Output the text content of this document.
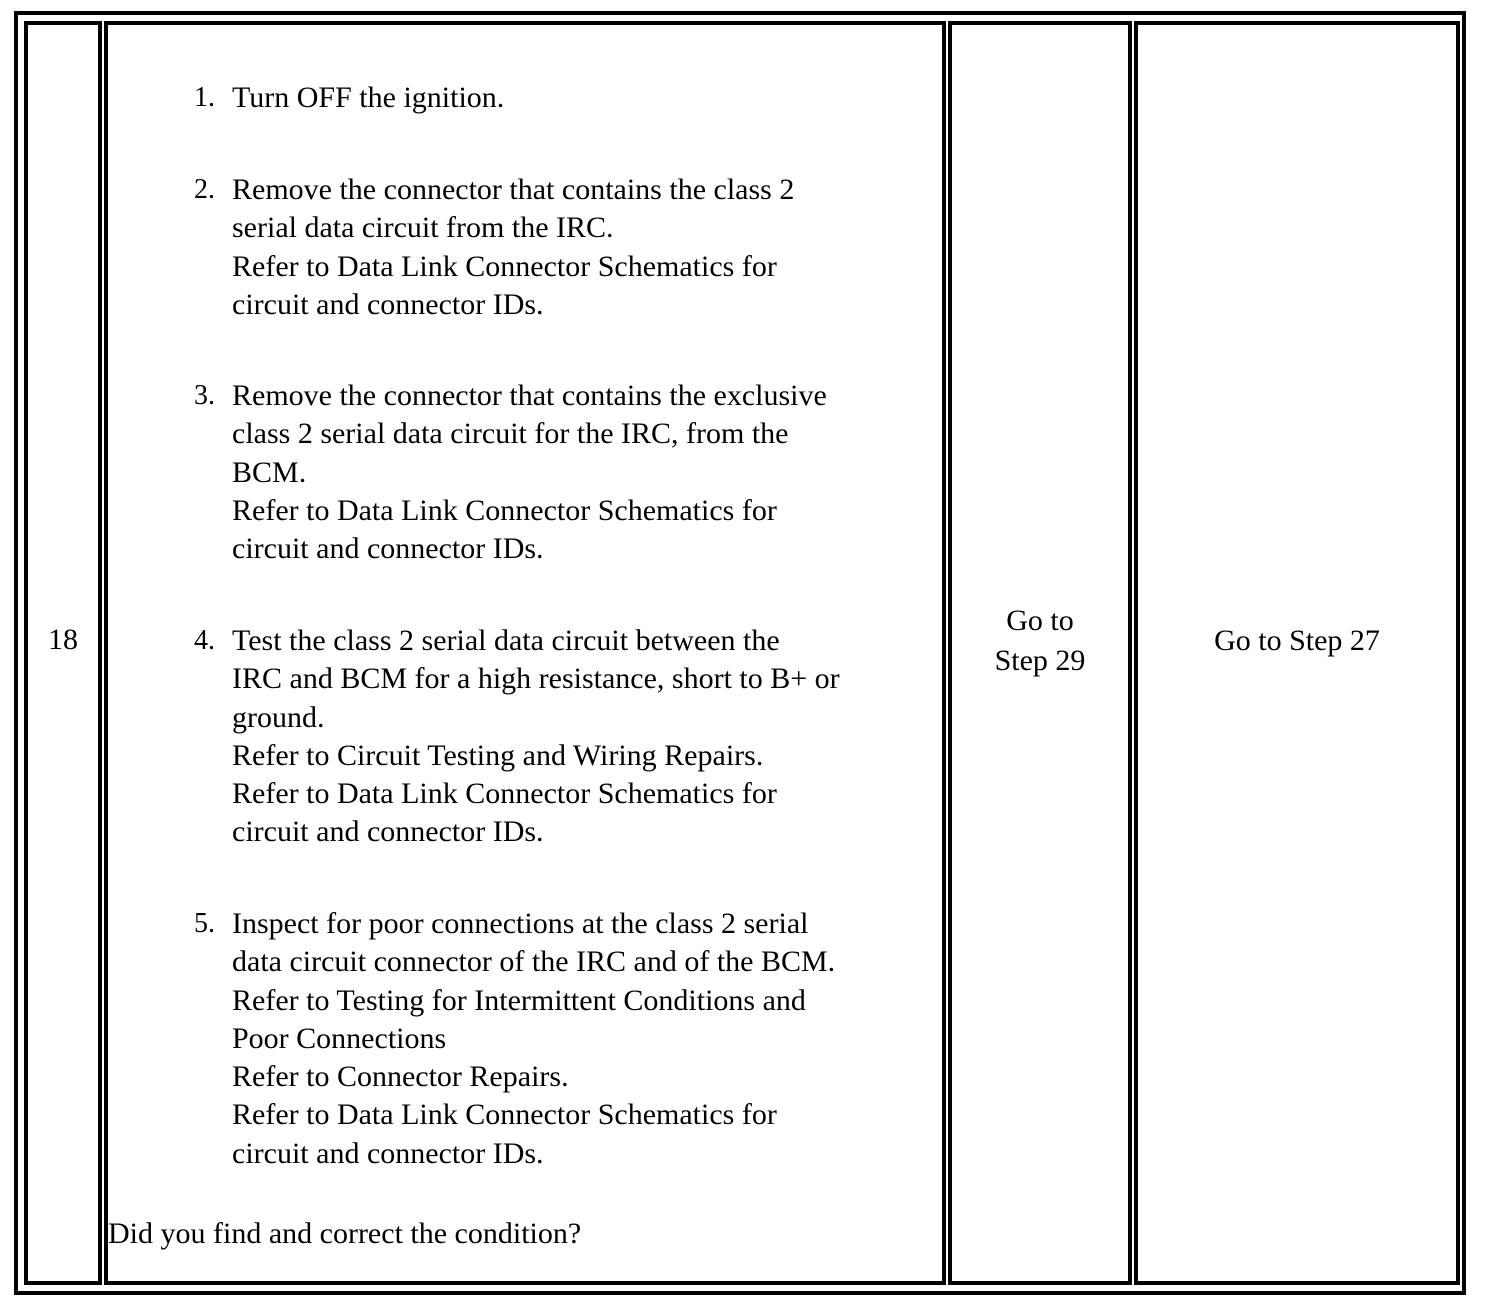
18
1. Turn OFF the ignition.
2. Remove the connector that contains the class 2
serial data circuit from the IRC.
Refer to Data Link Connector Schematics for
circuit and connector IDs.
3. Remove the connector that contains the exclusive
class 2 serial data circuit for the IRC, from the
BCM.
Refer to Data Link Connector Schematics for
circuit and connector IDs.
4. Test the class 2 serial data circuit between the
IRC and BCM for a high resistance, short to B+ or
ground.
Refer to Circuit Testing and Wiring Repairs.
Refer to Data Link Connector Schematics for
circuit and connector IDs.
5. Inspect for poor connections at the class 2 serial
data circuit connector of the IRC and of the BCM.
Refer to Testing for Intermittent Conditions and
Poor Connections
Refer to Connector Repairs.
Refer to Data Link Connector Schematics for
circuit and connector IDs.
Did you find and correct the condition?
Go to
Step 29
Go to Step 27
